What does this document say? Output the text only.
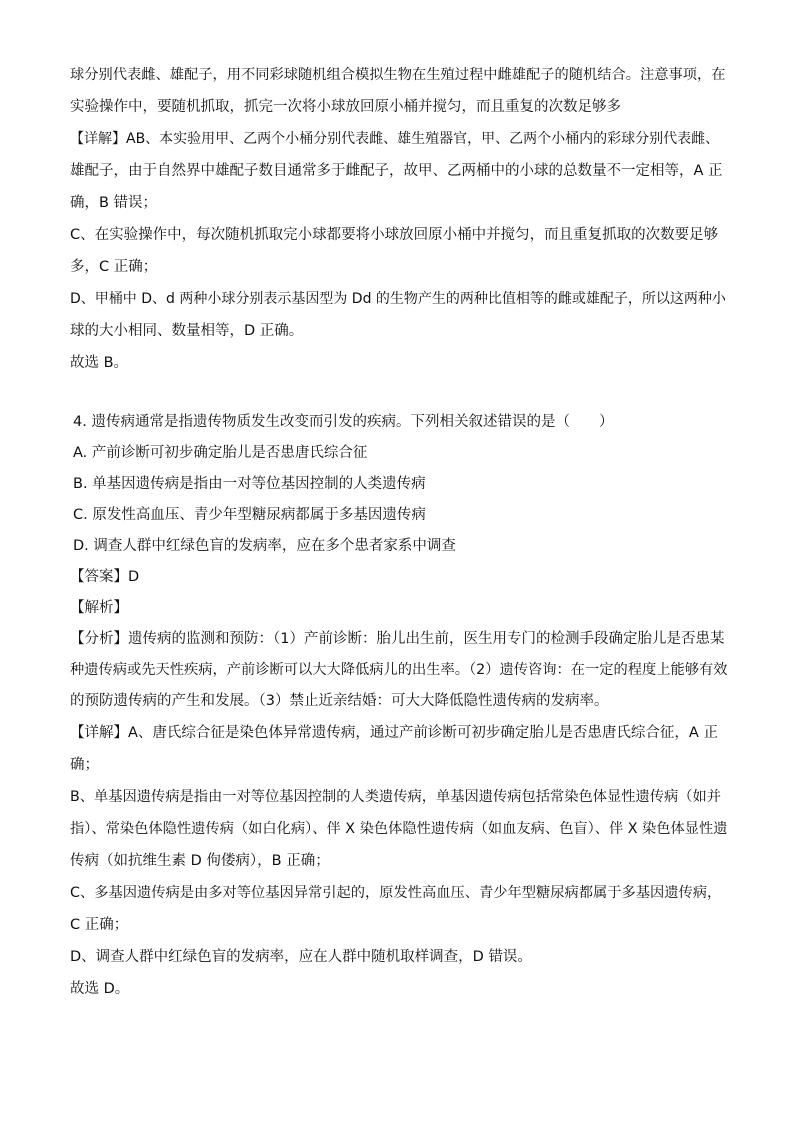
球分别代表雌、雄配子，用不同彩球随机组合模拟生物在生殖过程中雌雄配子的随机结合。注意事项，在
实验操作中，要随机抓取，抓完一次将小球放回原小桶并搅匀，而且重复的次数足够多
【详解】AB、本实验用甲、乙两个小桶分别代表雌、雄生殖器官，甲、乙两个小桶内的彩球分别代表雌、
雄配子，由于自然界中雄配子数目通常多于雌配子，故甲、乙两桶中的小球的总数量不一定相等，A 正
确，B 错误；
C、在实验操作中，每次随机抓取完小球都要将小球放回原小桶中并搅匀，而且重复抓取的次数要足够
多，C 正确；
D、甲桶中 D、d 两种小球分别表示基因型为 Dd 的生物产生的两种比值相等的雌或雄配子，所以这两种小
球的大小相同、数量相等，D 正确。
故选 B。
4. 遗传病通常是指遗传物质发生改变而引发的疾病。下列相关叙述错误的是（　　）
A. 产前诊断可初步确定胎儿是否患唐氏综合征
B. 单基因遗传病是指由一对等位基因控制的人类遗传病
C. 原发性高血压、青少年型糖尿病都属于多基因遗传病
D. 调查人群中红绿色盲的发病率，应在多个患者家系中调查
【答案】D
【解析】
【分析】遗传病的监测和预防：（1）产前诊断：胎儿出生前，医生用专门的检测手段确定胎儿是否患某
种遗传病或先天性疾病，产前诊断可以大大降低病儿的出生率。（2）遗传咨询：在一定的程度上能够有效
的预防遗传病的产生和发展。（3）禁止近亲结婚：可大大降低隐性遗传病的发病率。
【详解】A、唐氏综合征是染色体异常遗传病，通过产前诊断可初步确定胎儿是否患唐氏综合征，A 正
确；
B、单基因遗传病是指由一对等位基因控制的人类遗传病，单基因遗传病包括常染色体显性遗传病（如并
指）、常染色体隐性遗传病（如白化病）、伴 X 染色体隐性遗传病（如血友病、色盲）、伴 X 染色体显性遗
传病（如抗维生素 D 佝偻病），B 正确；
C、多基因遗传病是由多对等位基因异常引起的，原发性高血压、青少年型糖尿病都属于多基因遗传病，
C 正确；
D、调查人群中红绿色盲的发病率，应在人群中随机取样调查，D 错误。
故选 D。
